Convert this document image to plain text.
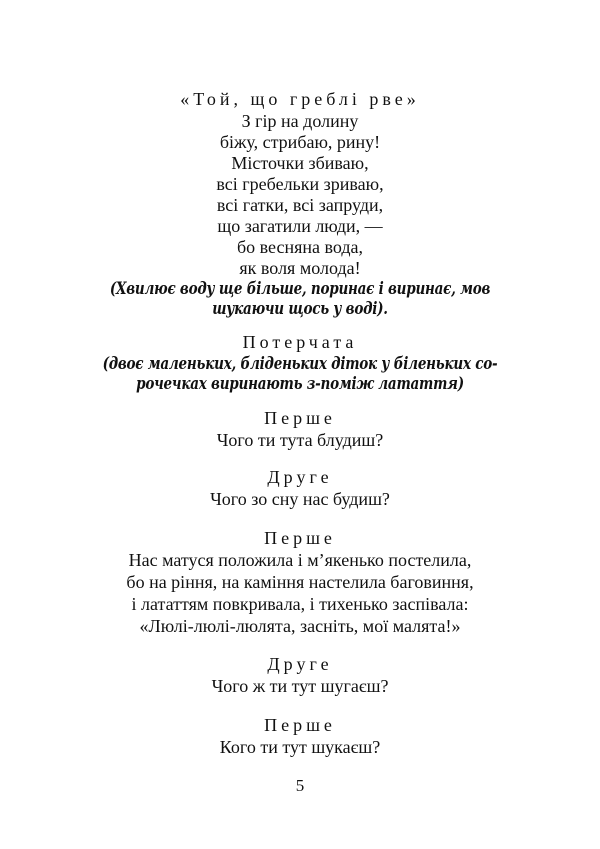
«Той, що греблі рве»
З гір на долину
біжу, стрибаю, рину!
Місточки збиваю,
всі гребельки зриваю,
всі гатки, всі запруди,
що загатили люди, —
бо весняна вода,
як воля молода!
(Хвилює воду ще більше, поринає і виринає, мов
шукаючи щось у воді).
Потерчата
(двоє маленьких, бліденьких діток у біленьких со-
рочечках виринають з-поміж латаття)
Перше
Чого ти тута блудиш?
Друге
Чого зо сну нас будиш?
Перше
Нас матуся положила і м’якенько постелила,
бо на рiння, на камiння настелила баговиння,
і лататтям повкривала, і тихенько заспівала:
«Люлі-люлі-люлята, засніть, мої малята!»
Друге
Чого ж ти тут шугаєш?
Перше
Кого ти тут шукаєш?
5
